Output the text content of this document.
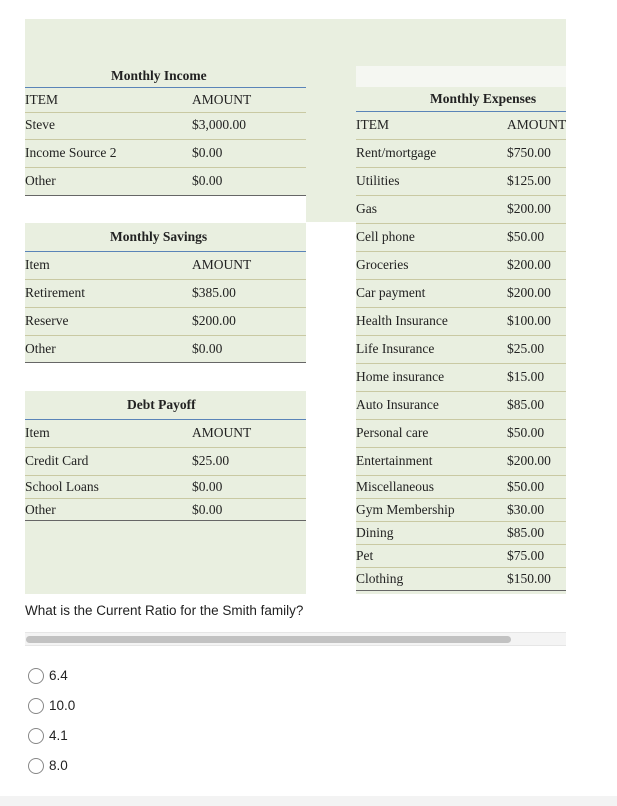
Monthly Income
ITEM	AMOUNT
Steve	$3,000.00
Income Source 2	$0.00
Other	$0.00
Monthly Savings
Item	AMOUNT
Retirement	$385.00
Reserve	$200.00
Other	$0.00
Debt Payoff
Item	AMOUNT
Credit Card	$25.00
School Loans	$0.00
Other	$0.00
Monthly Expenses
ITEM	AMOUNT
Rent/mortgage	$750.00
Utilities	$125.00
Gas	$200.00
Cell phone	$50.00
Groceries	$200.00
Car payment	$200.00
Health Insurance	$100.00
Life Insurance	$25.00
Home insurance	$15.00
Auto Insurance	$85.00
Personal care	$50.00
Entertainment	$200.00
Miscellaneous	$50.00
Gym Membership	$30.00
Dining	$85.00
Pet	$75.00
Clothing	$150.00
What is the Current Ratio for the Smith family?
6.4
10.0
4.1
8.0
